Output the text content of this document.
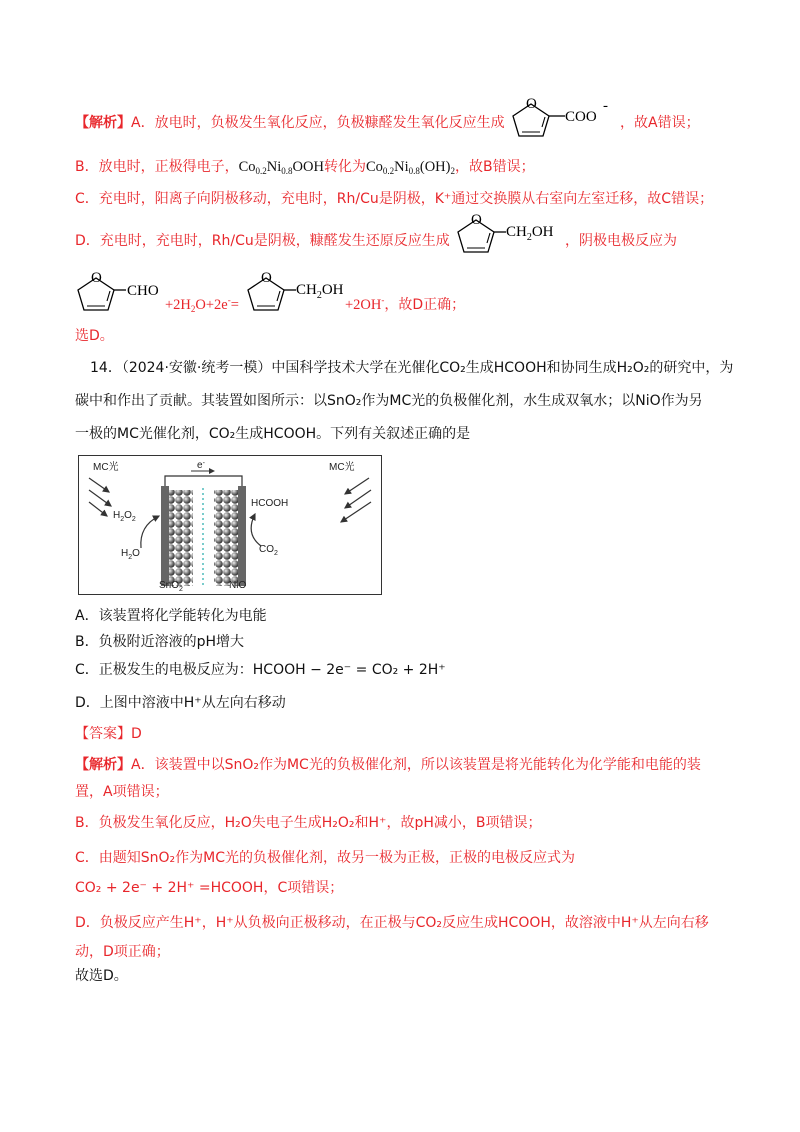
【解析】A．放电时，负极发生氧化反应，负极糠醛发生氧化反应生成
O
COO
-
，故A错误；
B．放电时，正极得电子，$Co_{0.2}Ni_{0.8}OOH$转化为$Co_{0.2}Ni_{0.8}(OH)_2$，故B错误；
C．充电时，阳离子向阴极移动，充电时，Rh/Cu是阴极，K⁺通过交换膜从右室向左室迁移，故C错误；
D．充电时，充电时，Rh/Cu是阴极，糠醛发生还原反应生成
O
$CH_2OH$
，阴极电极反应为
O
CHO
$+2H_2O+2e^-=$
O
$CH_2OH$
+2OH-，故D正确；
选D。
14．（2024·安徽·统考一模）中国科学技术大学在光催化CO₂生成HCOOH和协同生成H₂O₂的研究中，为
碳中和作出了贡献。其装置如图所示：以SnO₂作为MC光的负极催化剂，水生成双氧水；以NiO作为另
一极的MC光催化剂，CO₂生成HCOOH。下列有关叙述正确的是
MC光
$H_2O_2$
$H_2O$
e-
HCOOH
$CO_2$
MC光
SnO$_2$	NiO
A．该装置将化学能转化为电能
B．负极附近溶液的pH增大
C．正极发生的电极反应为：HCOOH − 2e⁻ = CO₂ + 2H⁺
D．上图中溶液中H⁺从左向右移动
【答案】D
【解析】A．该装置中以SnO₂作为MC光的负极催化剂，所以该装置是将光能转化为化学能和电能的装
置，A项错误；
B．负极发生氧化反应，H₂O失电子生成H₂O₂和H⁺，故pH减小，B项错误；
C．由题知SnO₂作为MC光的负极催化剂，故另一极为正极，正极的电极反应式为
CO₂ + 2e⁻ + 2H⁺ =HCOOH，C项错误；
D．负极反应产生H⁺，H⁺从负极向正极移动，在正极与CO₂反应生成HCOOH，故溶液中H⁺从左向右移
动，D项正确；
故选D。
